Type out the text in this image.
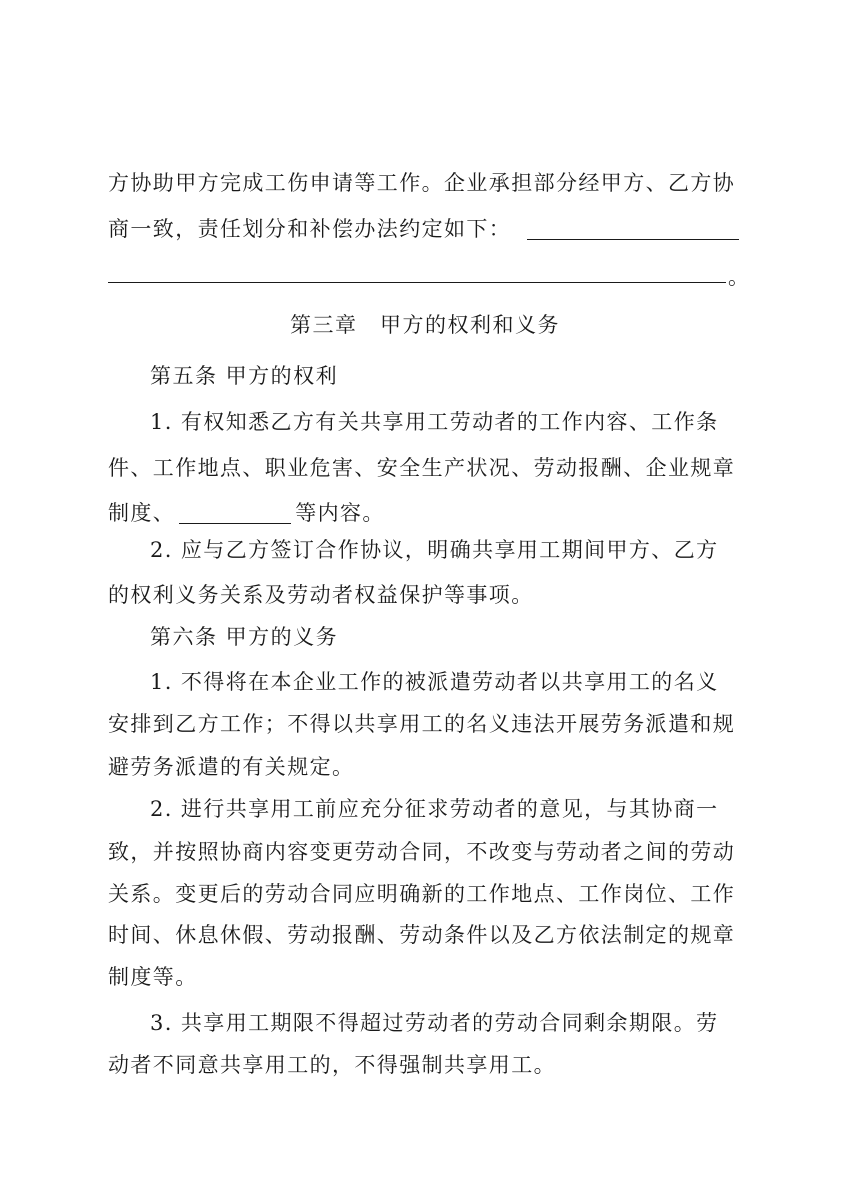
方协助甲方完成工伤申请等工作。企业承担部分经甲方、乙方协
商一致，责任划分和补偿办法约定如下：
。
第三章　甲方的权利和义务
第五条 甲方的权利
1. 有权知悉乙方有关共享用工劳动者的工作内容、工作条
件、工作地点、职业危害、安全生产状况、劳动报酬、企业规章
制度、	等内容。
2. 应与乙方签订合作协议，明确共享用工期间甲方、乙方
的权利义务关系及劳动者权益保护等事项。
第六条 甲方的义务
1. 不得将在本企业工作的被派遣劳动者以共享用工的名义
安排到乙方工作；不得以共享用工的名义违法开展劳务派遣和规
避劳务派遣的有关规定。
2. 进行共享用工前应充分征求劳动者的意见，与其协商一
致，并按照协商内容变更劳动合同，不改变与劳动者之间的劳动
关系。变更后的劳动合同应明确新的工作地点、工作岗位、工作
时间、休息休假、劳动报酬、劳动条件以及乙方依法制定的规章
制度等。
3. 共享用工期限不得超过劳动者的劳动合同剩余期限。劳
动者不同意共享用工的，不得强制共享用工。
